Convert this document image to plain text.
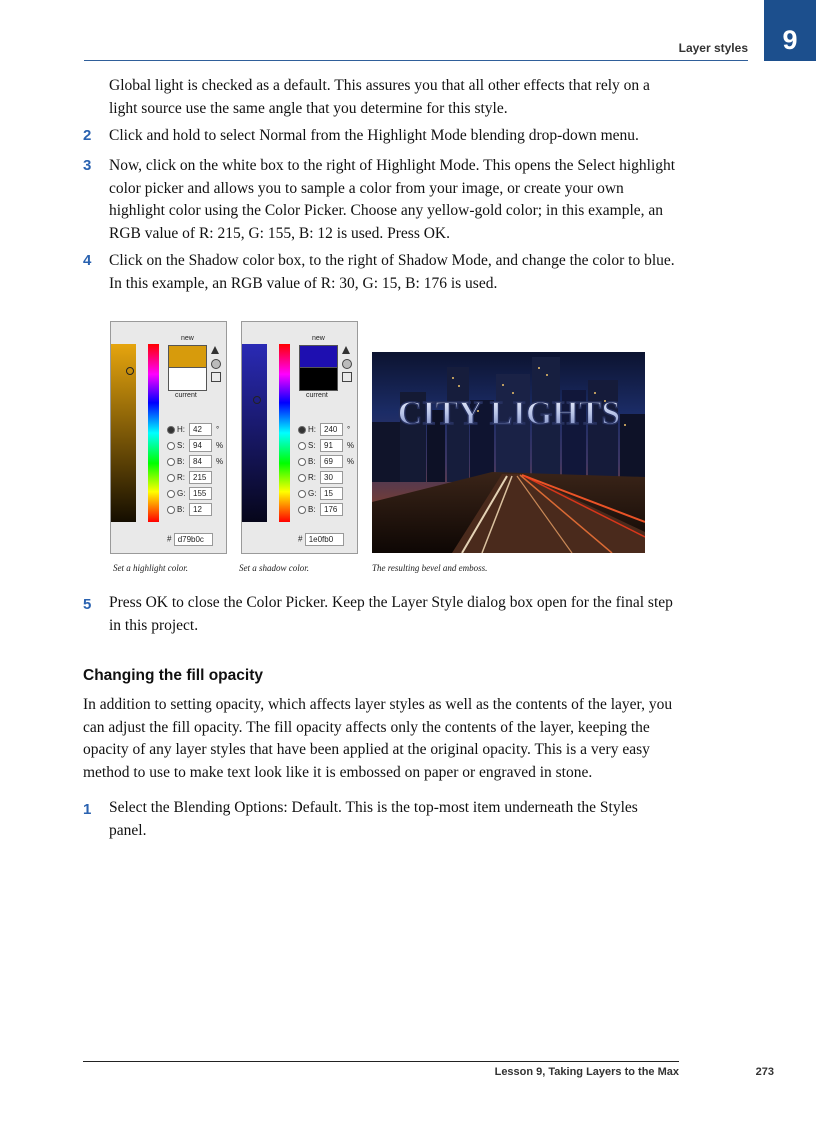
Layer styles	9

Global light is checked as a default. This assures you that all other effects that rely on a light source use the same angle that you determine for this style.

2 Click and hold to select Normal from the Highlight Mode blending drop-down menu.

3 Now, click on the white box to the right of Highlight Mode. This opens the Select highlight color picker and allows you to sample a color from your image, or create your own highlight color using the Color Picker. Choose any yellow-gold color; in this example, an RGB value of R: 215, G: 155, B: 12 is used. Press OK.

4 Click on the Shadow color box, to the right of Shadow Mode, and change the color to blue. In this example, an RGB value of R: 30, G: 15, B: 176 is used.

new
current
H: 42 °
S: 94 %
B: 84 %
R: 215
G: 155
B: 12
# d79b0c
new
current
H: 240 °
S: 91 %
B: 69 %
R: 30
G: 15
B: 176
# 1e0fb0
CITY LIGHTS
Set a highlight color.	Set a shadow color.	The resulting bevel and emboss.
5 Press OK to close the Color Picker. Keep the Layer Style dialog box open for the final step in this project.

Changing the fill opacity

In addition to setting opacity, which affects layer styles as well as the contents of the layer, you can adjust the fill opacity. The fill opacity affects only the contents of the layer, keeping the opacity of any layer styles that have been applied at the original opacity. This is a very easy method to use to make text look like it is embossed on paper or engraved in stone.

1 Select the Blending Options: Default. This is the top-most item underneath the Styles panel.

Lesson 9, Taking Layers to the Max	273
